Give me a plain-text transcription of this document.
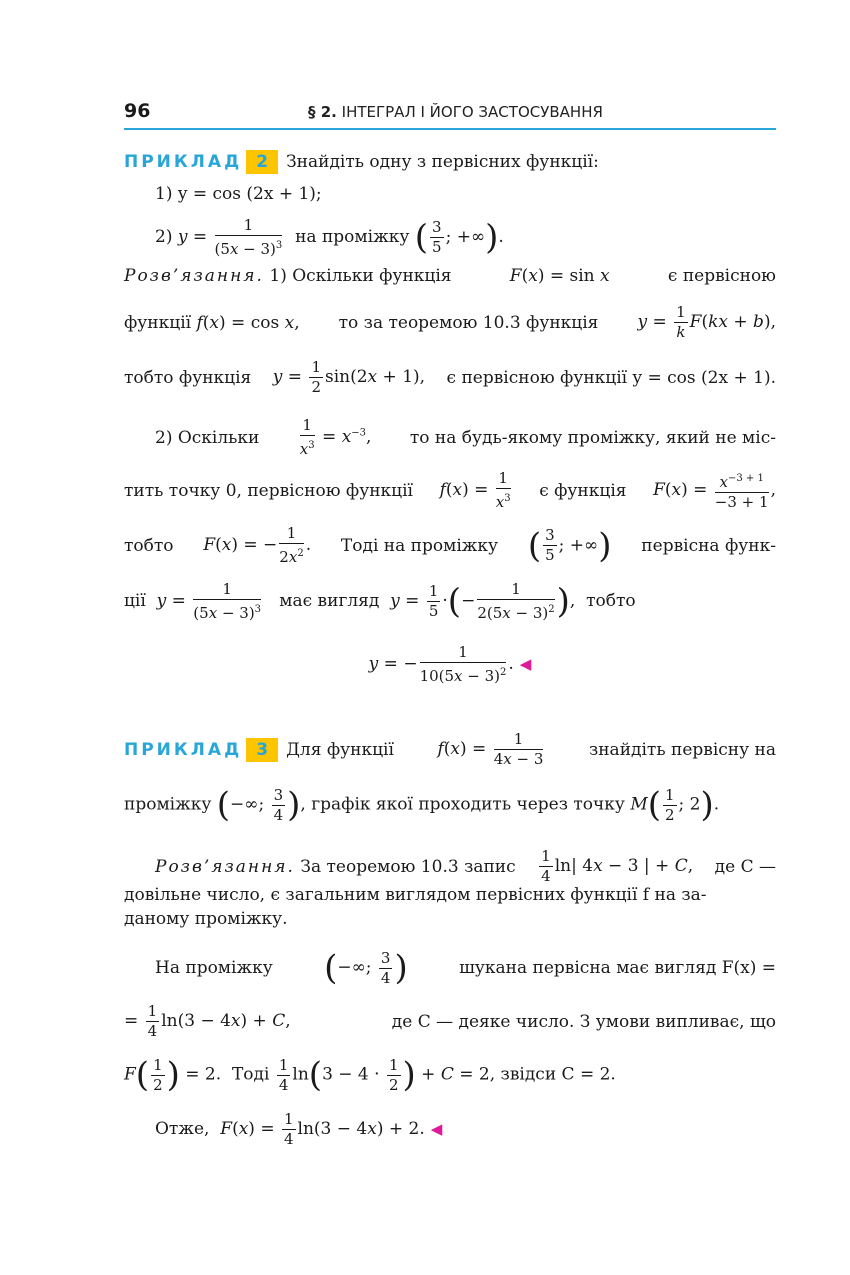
96	§ 2. ІНТЕГРАЛ І ЙОГО ЗАСТОСУВАННЯ
ПРИКЛАД 2 Знайдіть одну з первісних функції:
1) y = cos (2x + 1);
2) $y = \frac{1}{(5x - 3)^3}$ на проміжку ( $\frac{3}{5}$ ; +∞).
Розв’язання. 1) Оскільки функція	F(x) = sin x	є первісною
функції f(x) = cos x, то за теоремою 10.3 функція $y = \frac{1}{k} F(kx + b)$,
тобто функція $y = \frac{1}{2} \sin(2x + 1)$, є первісною функції y = cos (2x + 1).
2) Оскільки	$\frac{1}{x^3} = x^{-3}$, то на будь-якому проміжку, який не міс-
тить точку 0, первісною функції $f(x) = \frac{1}{x^3}$ є функція $F(x) = \frac{x^{-3 + 1}}{-3 + 1}$ ,
тобто F(x) = − $\frac{1}{2x^2}$ . Тоді на проміжку ( $\frac{3}{5}$ ; +∞) первісна функ-
ції $y = \frac{1}{(5x - 3)^3}$ має вигляд $y = \frac{1}{5}$ ·(− $\frac{1}{2(5x - 3)^2}$ ),  тобто
y = − $\frac{1}{10(5x - 3)^2}$ . ◀
ПРИКЛАД 3 Для функції	$f(x) = \frac{1}{4x - 3}$	знайдіть первісну на
проміжку (−∞; $\frac{3}{4}$ ), графік якої проходить через точку $M( \frac{1}{2}$ ; 2).
Розв’язання. За теоремою 10.3 запис $\frac{1}{4} \ln|$ 4x − 3 | + C, де C —
довільне число, є загальним виглядом первісних функції f на за-
даному проміжку.
На проміжку (−∞; $\frac{3}{4}$ )	шукана первісна має вигляд F(x) =
= $\frac{1}{4} \ln(3 - 4x) + C$,	де C — деяке число. З умови випливає, що
$F( \frac{1}{2}$ ) = 2.  Тоді $\frac{1}{4} \ln(3 - 4 \cdot \frac{1}{2}$ ) + C = 2, звідси C = 2.
Отже, $F(x) = \frac{1}{4} \ln(3 - 4x) + 2$. ◀
